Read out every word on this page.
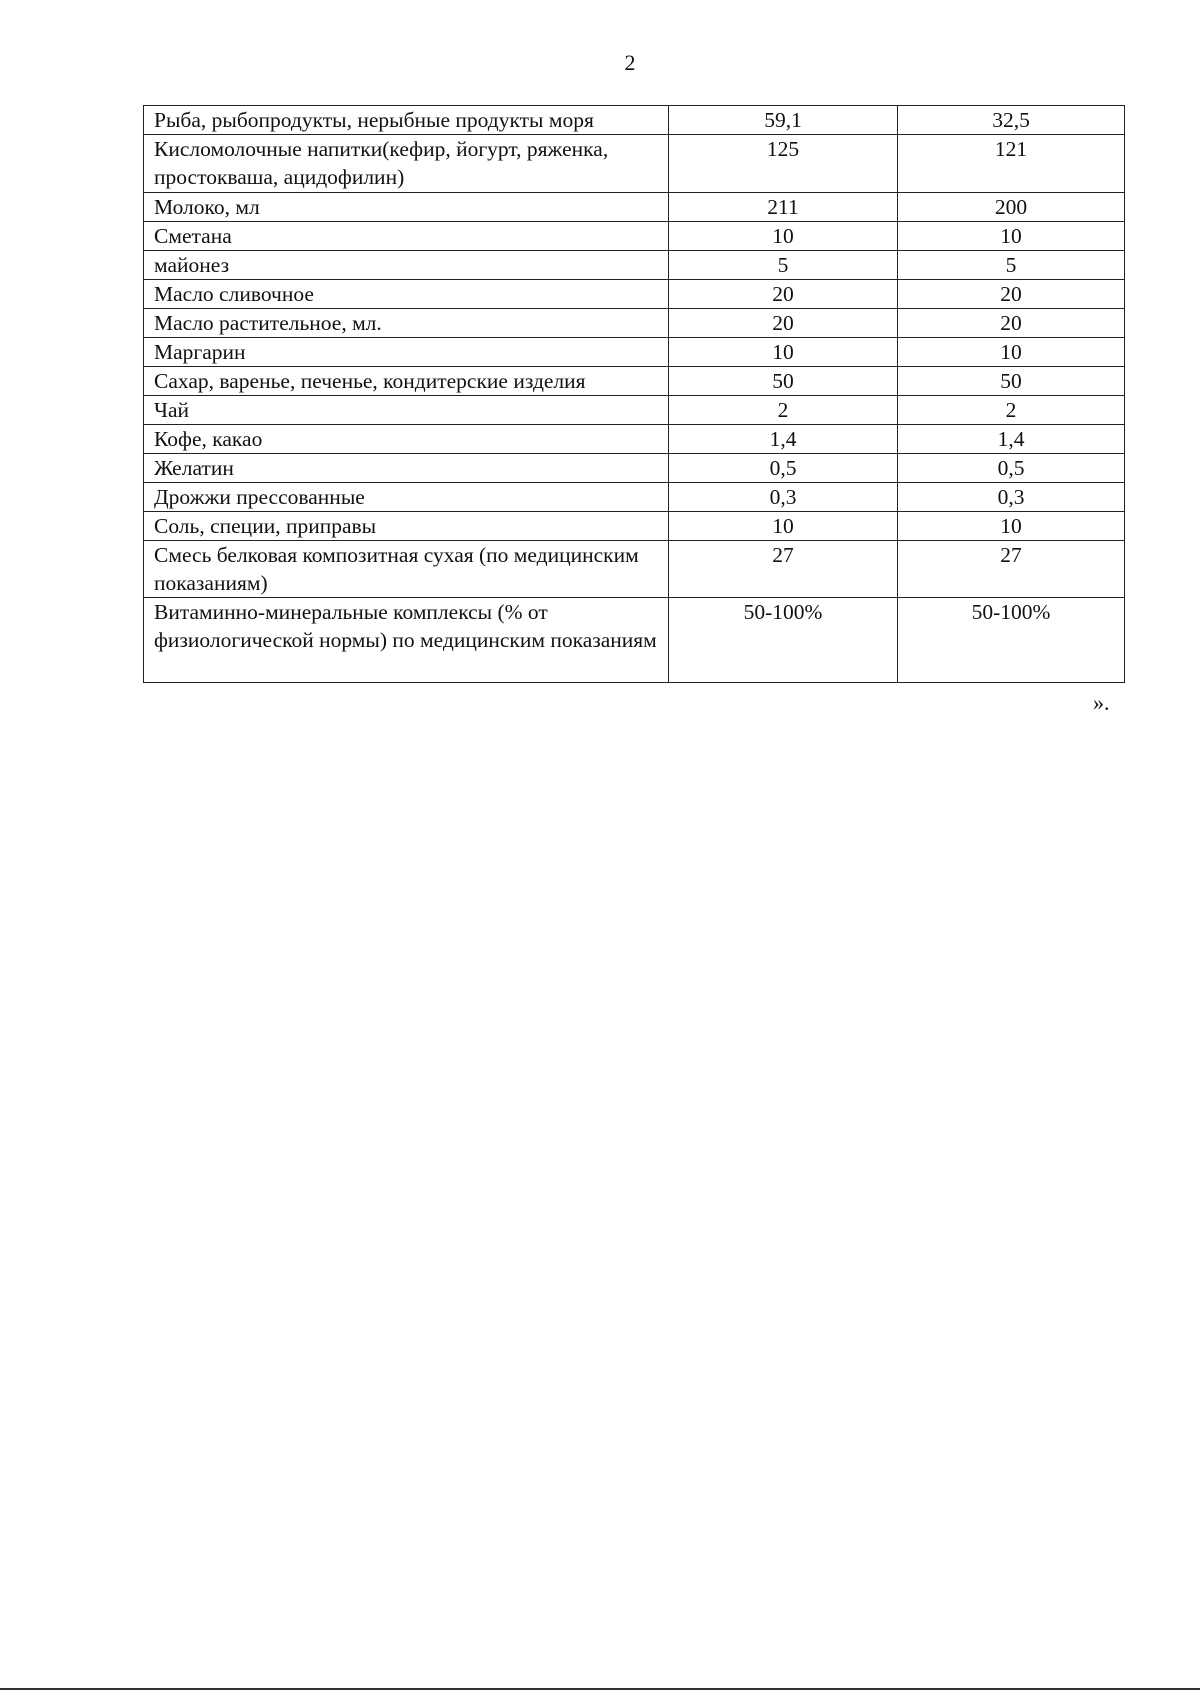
2
Рыба, рыбопродукты, нерыбные продукты моря	59,1	32,5
Кисломолочные напитки(кефир, йогурт, ряженка, простокваша, ацидофилин)	125	121
Молоко, мл	211	200
Сметана	10	10
майонез	5	5
Масло сливочное	20	20
Масло растительное, мл.	20	20
Маргарин	10	10
Сахар, варенье, печенье, кондитерские изделия	50	50
Чай	2	2
Кофе, какао	1,4	1,4
Желатин	0,5	0,5
Дрожжи прессованные	0,3	0,3
Соль, специи, приправы	10	10
Смесь белковая композитная сухая (по медицинским показаниям)	27	27
Витаминно-минеральные комплексы (% от физиологической нормы) по медицинским показаниям	50-100%	50-100%
».
